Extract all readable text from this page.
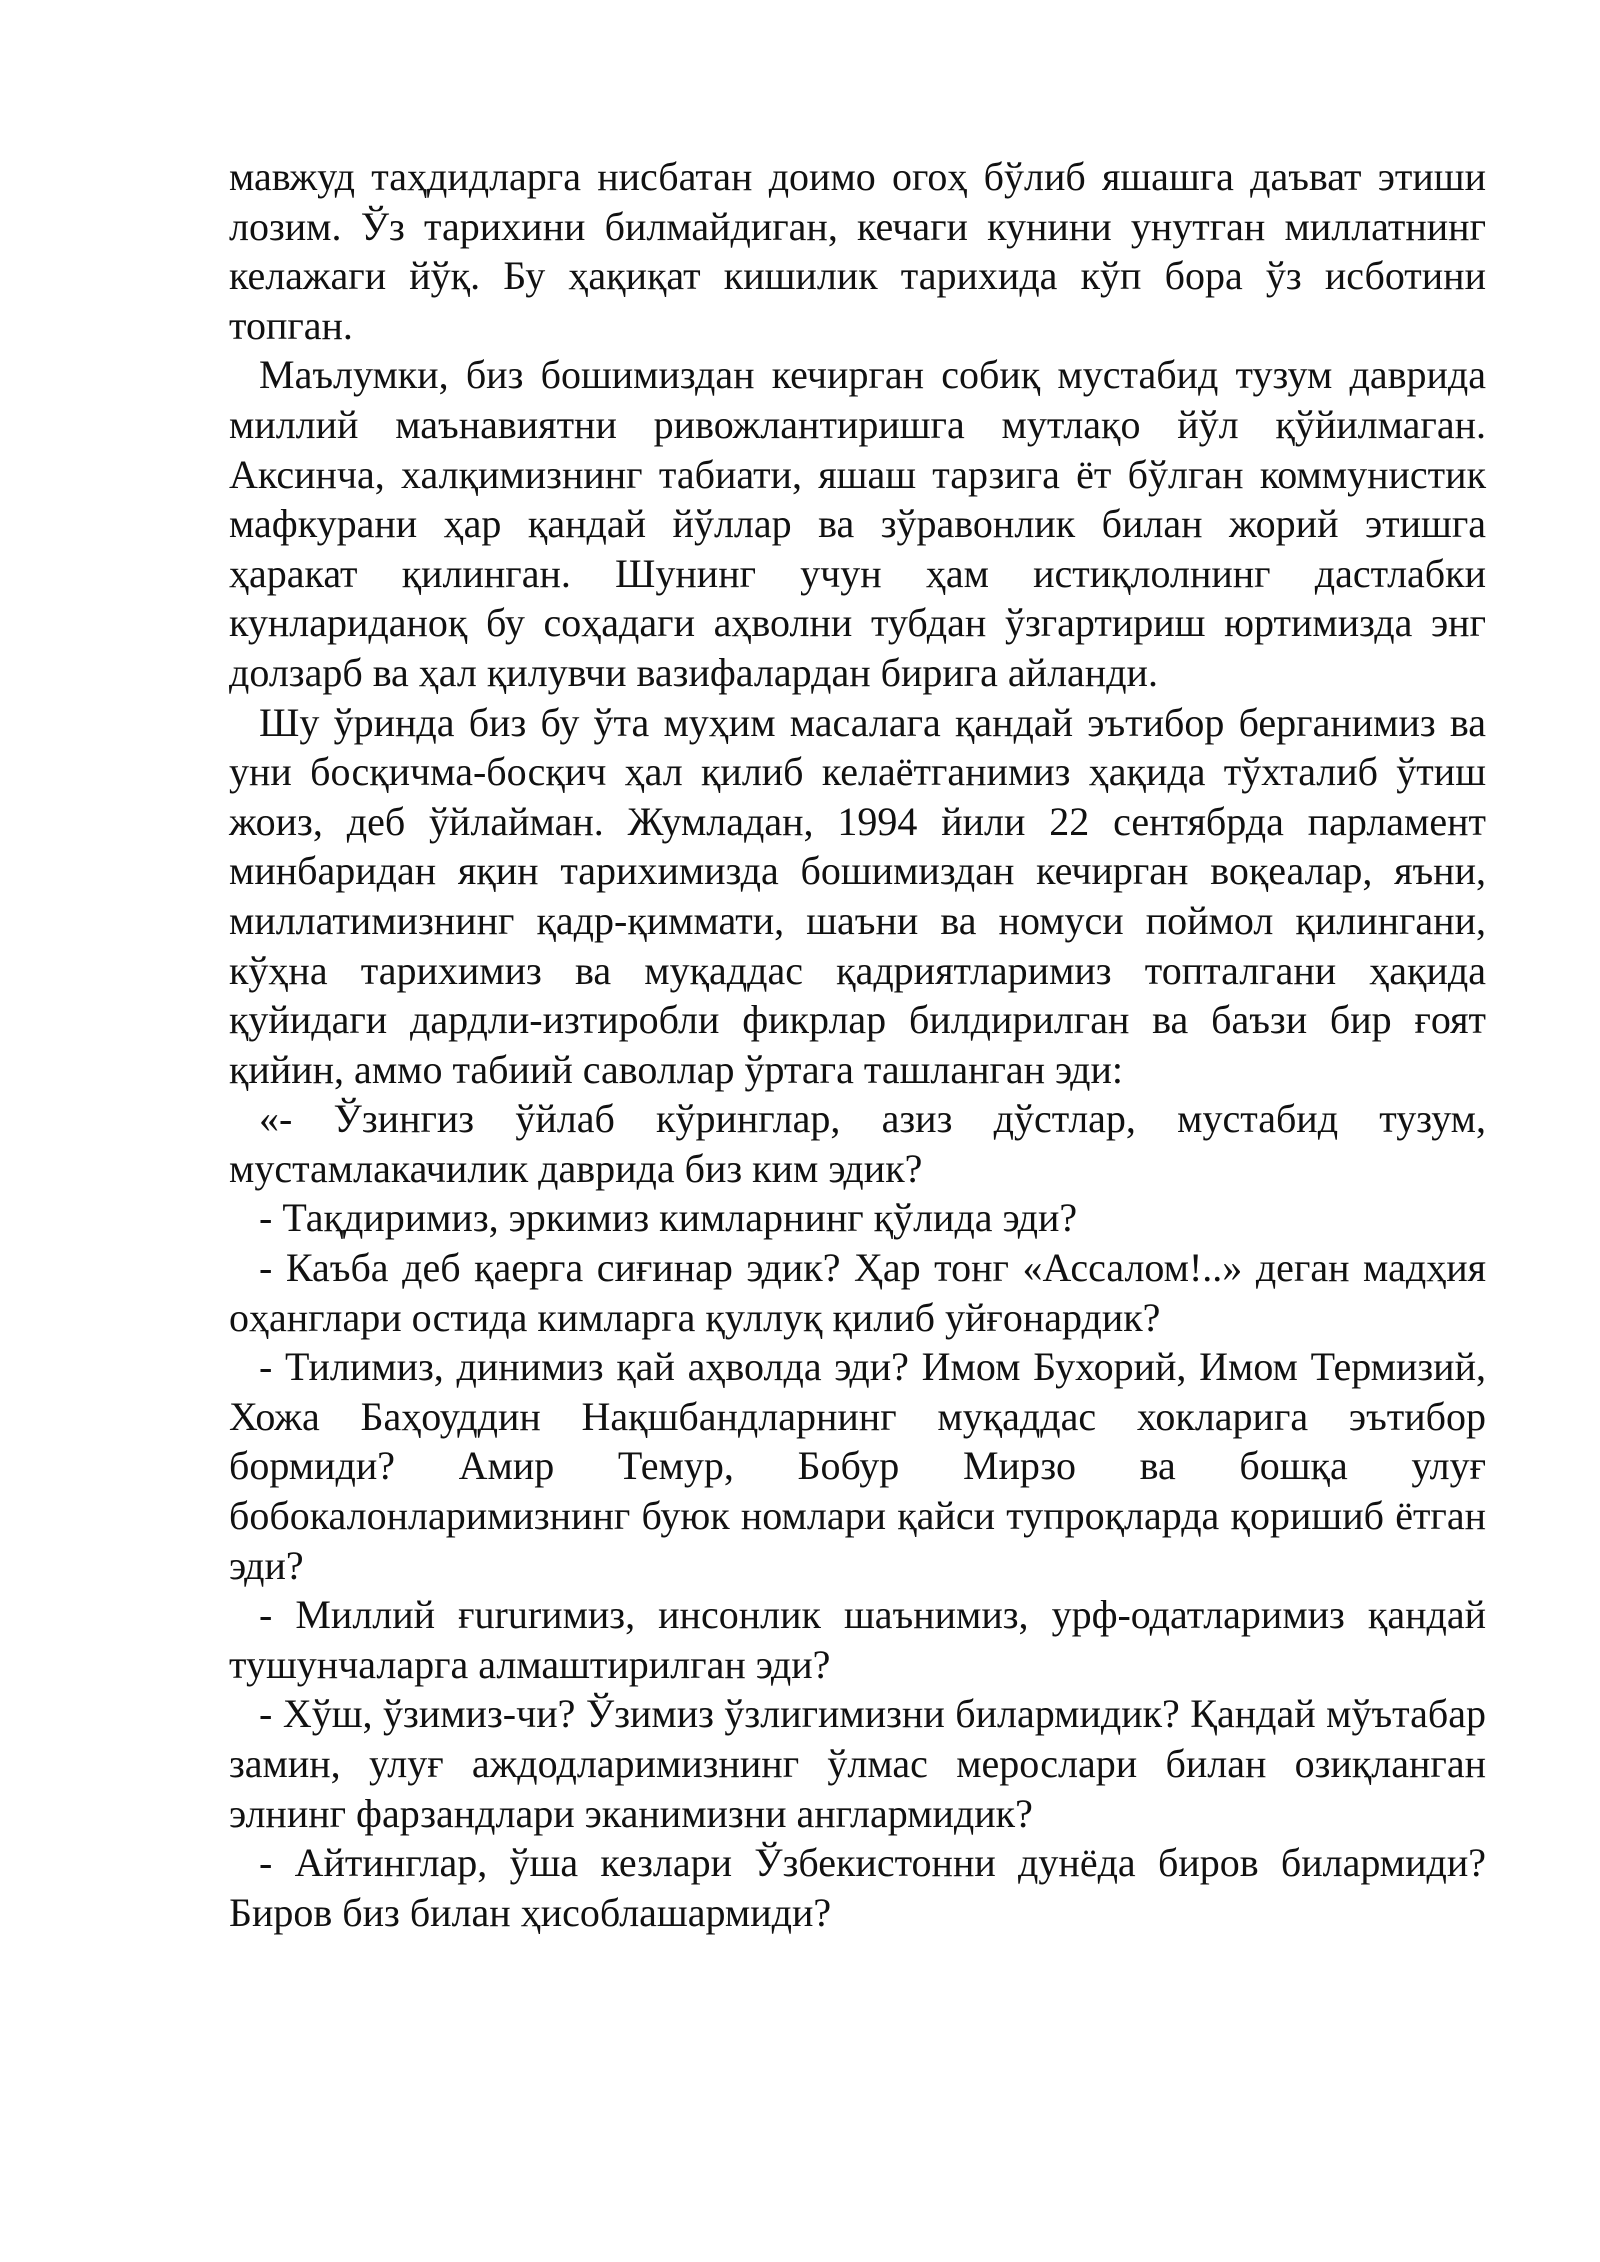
мавжуд таҳдидларга нисбатан доимо огоҳ бўлиб яшашга даъват этиши лозим. Ўз тарихини билмайдиган, кечаги кунини унутган миллатнинг келажаги йўқ. Бу ҳақиқат кишилик тарихида кўп бора ўз исботини топган.

Маълумки, биз бошимиздан кечирган собиқ мустабид тузум даврида миллий маънавиятни ривожлантиришга мутлақо йўл қўйилмаган. Аксинча, халқимизнинг табиати, яшаш тарзига ёт бўлган коммунистик мафкурани ҳар қандай йўллар ва зўравонлик билан жорий этишга ҳаракат қилинган. Шунинг учун ҳам истиқлолнинг дастлабки кунлариданоқ бу соҳадаги аҳволни тубдан ўзгартириш юртимизда энг долзарб ва ҳал қилувчи вазифалардан бирига айланди.

Шу ўринда биз бу ўта муҳим масалага қандай эътибор берганимиз ва уни босқичма-босқич ҳал қилиб келаётганимиз ҳақида тўхталиб ўтиш жоиз, деб ўйлайман. Жумладан, 1994 йили 22 сентябрда парламент минбаридан яқин тарихимизда бошимиздан кечирган воқеалар, яъни, миллатимизнинг қадр-қиммати, шаъни ва номуси поймол қилингани, кўҳна тарихимиз ва муқаддас қадриятларимиз топталгани ҳақида қуйидаги дардли-изтиробли фикрлар билдирилган ва баъзи бир ғоят қийин, аммо табиий саволлар ўртага ташланган эди:

«- Ўзингиз ўйлаб кўринглар, азиз дўстлар, мустабид тузум, мустамлакачилик даврида биз ким эдик?

- Тақдиримиз, эркимиз кимларнинг қўлида эди?

- Каъба деб қаерга сиғинар эдик? Ҳар тонг «Ассалом!..» деган мадҳия оҳанглари остида кимларга қуллуқ қилиб уйғонардик?

- Тилимиз, динимиз қай аҳволда эди? Имом Бухорий, Имом Термизий, Хожа Баҳоуддин Нақшбандларнинг муқаддас хокларига эътибор бормиди? Амир Темур, Бобур Мирзо ва бошқа улуғ бобокалонларимизнинг буюк номлари қайси тупроқларда қоришиб ётган эди?

- Миллий ғururимиз, инсонлик шаънимиз, урф-одатларимиз қандай тушунчаларга алмаштирилган эди?

- Хўш, ўзимиз-чи? Ўзимиз ўзлигимизни билармидик? Қандай мўътабар замин, улуғ аждодларимизнинг ўлмас мерослари билан озиқланган элнинг фарзандлари эканимизни англармидик?

- Айтинглар, ўша кезлари Ўзбекистонни дунёда биров билармиди? Биров биз билан ҳисоблашармиди?
